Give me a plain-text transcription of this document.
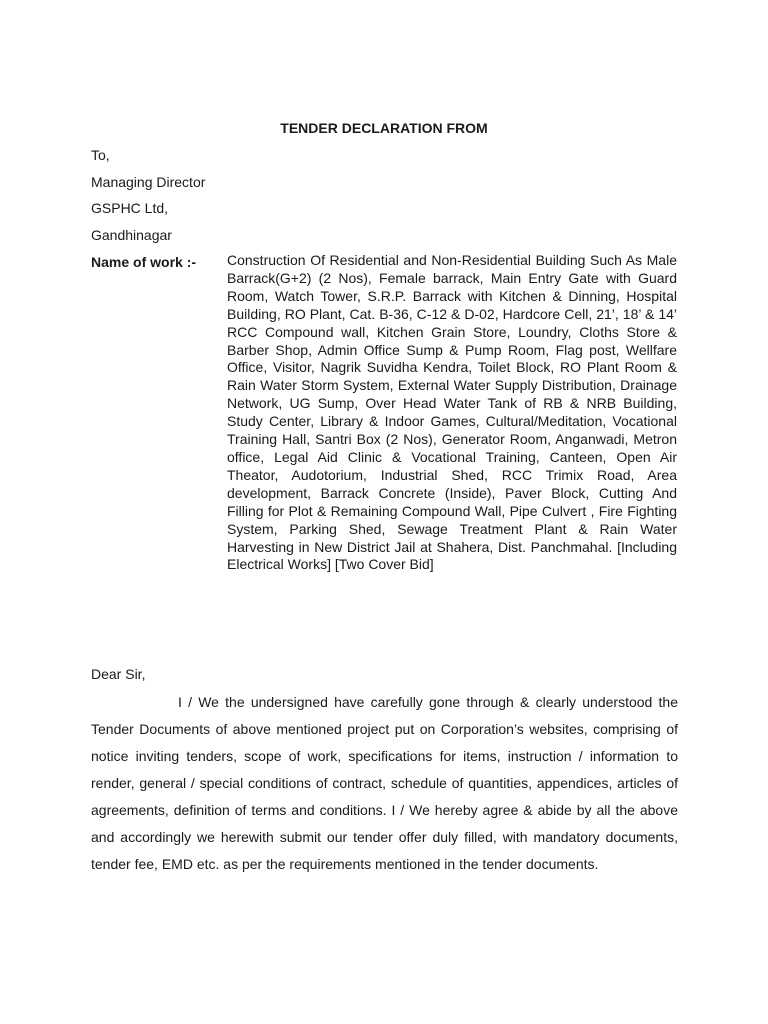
TENDER DECLARATION FROM
To,
Managing Director
GSPHC Ltd,
Gandhinagar
Name of work :- Construction Of Residential and Non-Residential Building Such As Male Barrack(G+2) (2 Nos), Female barrack, Main Entry Gate with Guard Room, Watch Tower, S.R.P. Barrack with Kitchen & Dinning, Hospital Building, RO Plant, Cat. B-36, C-12 & D-02, Hardcore Cell, 21’, 18’ & 14’ RCC Compound wall, Kitchen Grain Store, Loundry, Cloths Store & Barber Shop, Admin Office Sump & Pump Room, Flag post, Wellfare Office, Visitor, Nagrik Suvidha Kendra, Toilet Block, RO Plant Room & Rain Water Storm System, External Water Supply Distribution, Drainage Network, UG Sump, Over Head Water Tank of RB & NRB Building, Study Center, Library & Indoor Games, Cultural/Meditation, Vocational Training Hall, Santri Box (2 Nos), Generator Room, Anganwadi, Metron office, Legal Aid Clinic & Vocational Training, Canteen, Open Air Theator, Audotorium, Industrial Shed, RCC Trimix Road, Area development, Barrack Concrete (Inside), Paver Block, Cutting And Filling for Plot & Remaining Compound Wall, Pipe Culvert , Fire Fighting System, Parking Shed, Sewage Treatment Plant & Rain Water Harvesting in New District Jail at Shahera, Dist. Panchmahal. [Including Electrical Works] [Two Cover Bid]
Dear Sir,
I / We the undersigned have carefully gone through & clearly understood the Tender Documents of above mentioned project put on Corporation’s websites, comprising of notice inviting tenders, scope of work, specifications for items, instruction / information to render, general / special conditions of contract, schedule of quantities, appendices, articles of agreements, definition of terms and conditions. I / We hereby agree & abide by all the above and accordingly we herewith submit our tender offer duly filled, with mandatory documents, tender fee, EMD etc. as per the requirements mentioned in the tender documents.
